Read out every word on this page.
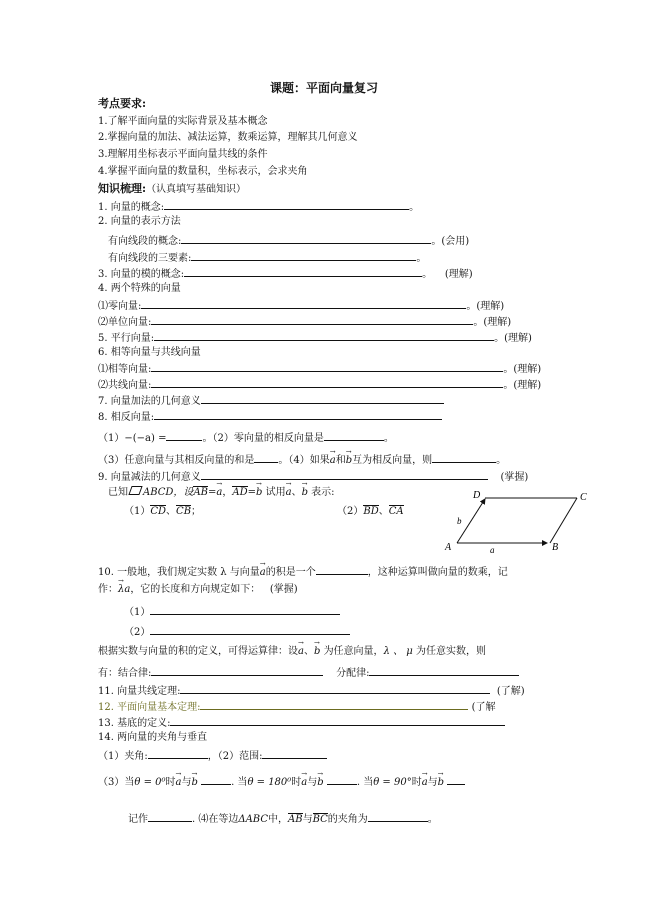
课题：平面向量复习
考点要求:
1.了解平面向量的实际背景及基本概念
2.掌握向量的加法、减法运算，数乘运算，理解其几何意义
3.理解用坐标表示平面向量共线的条件
4.掌握平面向量的数量积，坐标表示，会求夹角
知识梳理:（认真填写基础知识）
1. 向量的概念:	。
2. 向量的表示方法
有向线段的概念:	。(会用)
有向线段的三要素:	。
3. 向量的模的概念:	。 (理解)
4. 两个特殊的向量
⑴零向量:	。(理解)
⑵单位向量:	。(理解)
5. 平行向量:	。(理解)
6. 相等向量与共线向量
⑴相等向量:	。(理解)
⑵共线向量:	。(理解)
7. 向量加法的几何意义
8. 相反向量:
（1）−(−a) =	。（2）零向量的相反向量是	。
（3）任意向量与其相反向量的和是 。（4）如果→ a和→ b互为相反向量，则	。
9. 向量减法的几何意义	(掌握)
已知 ABCD，设AB=→ a，AD=→ b 试用→ a、→ b 表示:
（1）CD、CB；	（2）BD、CA
A	B
C
D
a
b
10. 一般地，我们规定实数 λ 与向量→ a的积是一个	，这种运算叫做向量的数乘，记
作：→ λa，它的长度和方向规定如下： (掌握)
（1）
（2）
根据实数与向量的积的定义，可得运算律：设→ a、→ b 为任意向量，λ 、 μ 为任意实数，则
有：结合律:	分配律:
11. 向量共线定理:	(了解)
12. 平面向量基本定理:	(了解
13. 基底的定义:
14. 两向量的夹角与垂直
（1）夹角:	，（2）范围:
（3）当θ = 0⁰时→ a与→ b	. 当θ = 180⁰时→ a与→ b	. 当θ = 90°时→ a与→ b
记作	. ⑷在等边ΔABC中，AB与BC的夹角为	。
